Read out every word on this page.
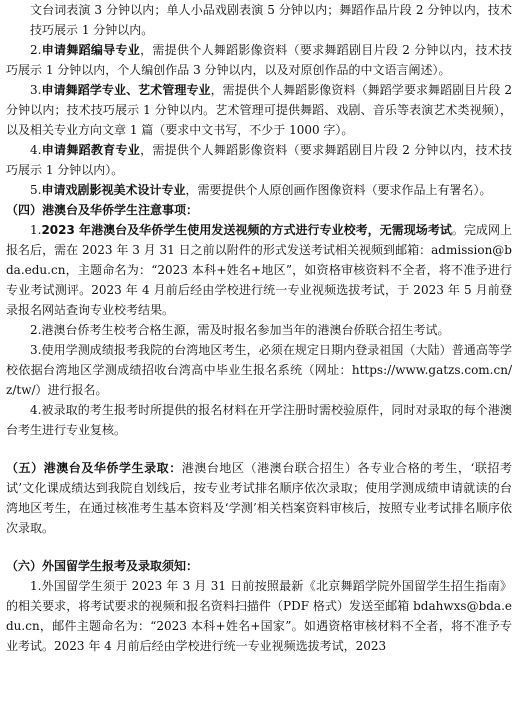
文台词表演 3 分钟以内；单人小品戏剧表演 5 分钟以内；舞蹈作品片段 2 分钟以内，技术技巧展示 1 分钟以内。

2.申请舞蹈编导专业，需提供个人舞蹈影像资料（要求舞蹈剧目片段 2 分钟以内，技术技巧展示 1 分钟以内，个人编创作品 3 分钟以内，以及对原创作品的中文语言阐述）。

3.申请舞蹈学专业、艺术管理专业，需提供个人舞蹈影像资料（舞蹈学要求舞蹈剧目片段 2 分钟以内；技术技巧展示 1 分钟以内。艺术管理可提供舞蹈、戏剧、音乐等表演艺术类视频），以及相关专业方向文章 1 篇（要求中文书写，不少于 1000 字）。

4.申请舞蹈教育专业，需提供个人舞蹈影像资料（要求舞蹈剧目片段 2 分钟以内，技术技巧展示 1 分钟以内）。

5.申请戏剧影视美术设计专业，需要提供个人原创画作图像资料（要求作品上有署名）。

（四）港澳台及华侨学生注意事项：

1.2023 年港澳台及华侨学生使用发送视频的方式进行专业校考，无需现场考试。完成网上报名后，需在 2023 年 3 月 31 日之前以附件的形式发送考试相关视频到邮箱：admission@bda.edu.cn，主题命名为：“2023 本科+姓名+地区”，如资格审核资料不全者，将不准予进行专业考试测评。2023 年 4 月前后经由学校进行统一专业视频选拔考试，于 2023 年 5 月前登录报名网站查询专业校考结果。

2.港澳台侨考生校考合格生源，需及时报名参加当年的港澳台侨联合招生考试。

3.使用学测成绩报考我院的台湾地区考生，必须在规定日期内登录祖国（大陆）普通高等学校依据台湾地区学测成绩招收台湾高中毕业生报名系统（网址：https://www.gatzs.com.cn/z/tw/）进行报名。

4.被录取的考生报考时所提供的报名材料在开学注册时需校验原件，同时对录取的每个港澳台考生进行专业复核。

（五）港澳台及华侨学生录取：港澳台地区（港澳台联合招生）各专业合格的考生，‘联招考试’文化课成绩达到我院自划线后，按专业考试排名顺序依次录取；使用学测成绩申请就读的台湾地区考生，在通过核准考生基本资料及‘学测’相关档案资料审核后，按照专业考试排名顺序依次录取。

（六）外国留学生报考及录取须知：

1.外国留学生须于 2023 年 3 月 31 日前按照最新《北京舞蹈学院外国留学生招生指南》的相关要求，将考试要求的视频和报名资料扫描件（PDF 格式）发送至邮箱 bdahwxs@bda.edu.cn，邮件主题命名为：“2023 本科+姓名+国家”。如遇资格审核材料不全者，将不准予专业考试。2023 年 4 月前后经由学校进行统一专业视频选拔考试，2023
